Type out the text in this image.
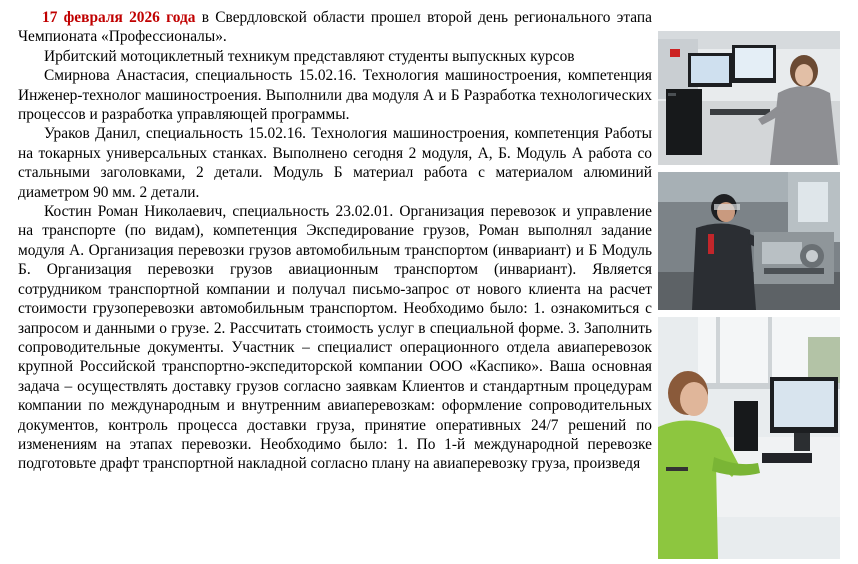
17 февраля 2026 года в Свердловской области прошел второй день регионального этапа Чемпионата «Профессионалы».

Ирбитский мотоциклетный техникум представляют студенты выпускных курсов

Смирнова Анастасия, специальность 15.02.16. Технология машиностроения, компетенция Инженер-технолог машиностроения. Выполнили два модуля А и Б Разработка технологических процессов и разработка управляющей программы.

Ураков Данил, специальность 15.02.16. Технология машиностроения, компетенция Работы на токарных универсальных станках. Выполнено сегодня 2 модуля, А, Б. Модуль А работа со стальными заголовками, 2 детали. Модуль Б материал работа с материалом алюминий диаметром 90 мм. 2 детали.

Костин Роман Николаевич, специальность 23.02.01. Организация перевозок и управление на транспорте (по видам), компетенция Экспедирование грузов, Роман выполнял задание модуля А. Организация перевозки грузов автомобильным транспортом (инвариант) и Б Модуль Б. Организация перевозки грузов авиационным транспортом (инвариант). Является сотрудником транспортной компании и получал письмо-запрос от нового клиента на расчет стоимости грузоперевозки автомобильным транспортом. Необходимо было: 1. ознакомиться с запросом и данными о грузе. 2. Рассчитать стоимость услуг в специальной форме. 3. Заполнить сопроводительные документы. Участник – специалист операционного отдела авиаперевозок крупной Российской транспортно-экспедиторской компании ООО «Каспико». Ваша основная задача – осуществлять доставку грузов согласно заявкам Клиентов и стандартным процедурам компании по международным и внутренним авиаперевозкам: оформление сопроводительных документов, контроль процесса доставки груза, принятие оперативных 24/7 решений по изменениям на этапах перевозки. Необходимо было: 1. По 1-й международной перевозке подготовьте драфт транспортной накладной согласно плану на авиаперевозку груза, произведя
